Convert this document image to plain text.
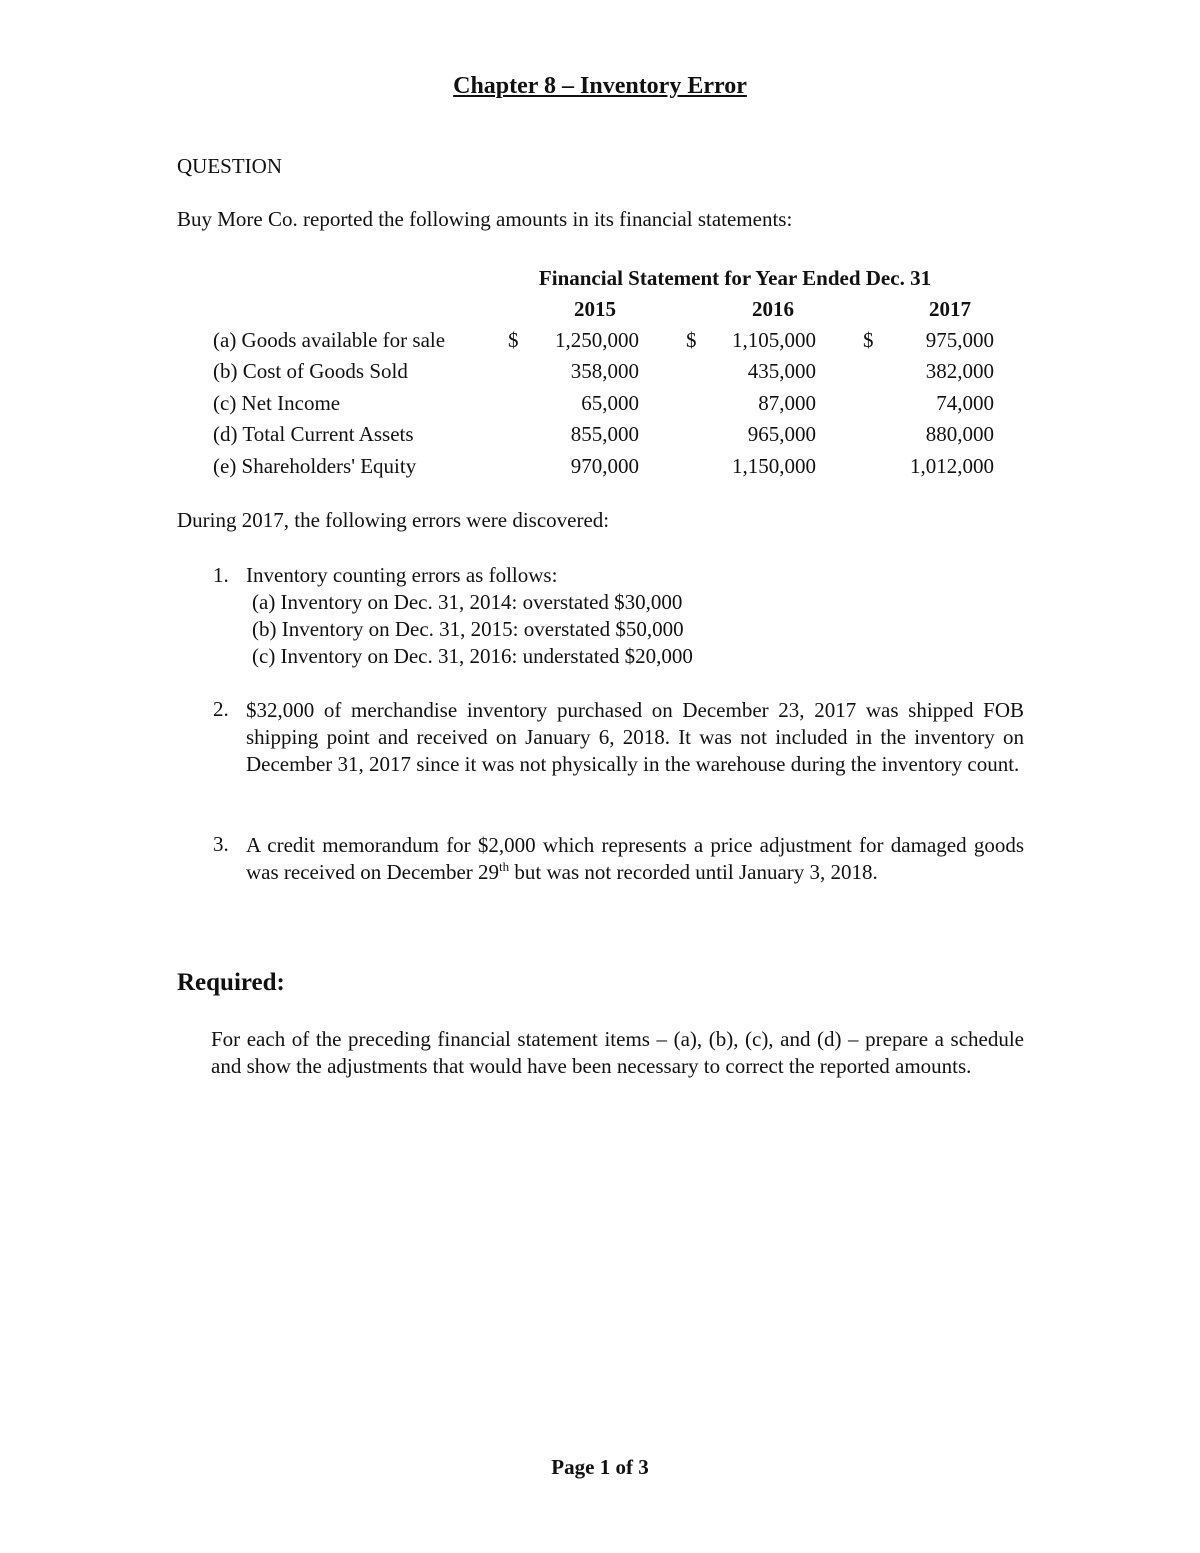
Chapter 8 – Inventory Error
QUESTION
Buy More Co. reported the following amounts in its financial statements:
Financial Statement for Year Ended Dec. 31
2015	2016	2017
(a) Goods available for sale	$	1,250,000 $	1,105,000 $	975,000
(b) Cost of Goods Sold	358,000	435,000	382,000
(c) Net Income	65,000	87,000	74,000
(d) Total Current Assets	855,000	965,000	880,000
(e) Shareholders' Equity	970,000	1,150,000	1,012,000
During 2017, the following errors were discovered:
1. Inventory counting errors as follows:
(a) Inventory on Dec. 31, 2014: overstated $30,000
(b) Inventory on Dec. 31, 2015: overstated $50,000
(c) Inventory on Dec. 31, 2016: understated $20,000
2. $32,000 of merchandise inventory purchased on December 23, 2017 was shipped FOB shipping point and received on January 6, 2018. It was not included in the inventory on December 31, 2017 since it was not physically in the warehouse during the inventory count.
3. A credit memorandum for $2,000 which represents a price adjustment for damaged goods was received on December 29th but was not recorded until January 3, 2018.
Required:
For each of the preceding financial statement items – (a), (b), (c), and (d) – prepare a schedule and show the adjustments that would have been necessary to correct the reported amounts.
Page 1 of 3
